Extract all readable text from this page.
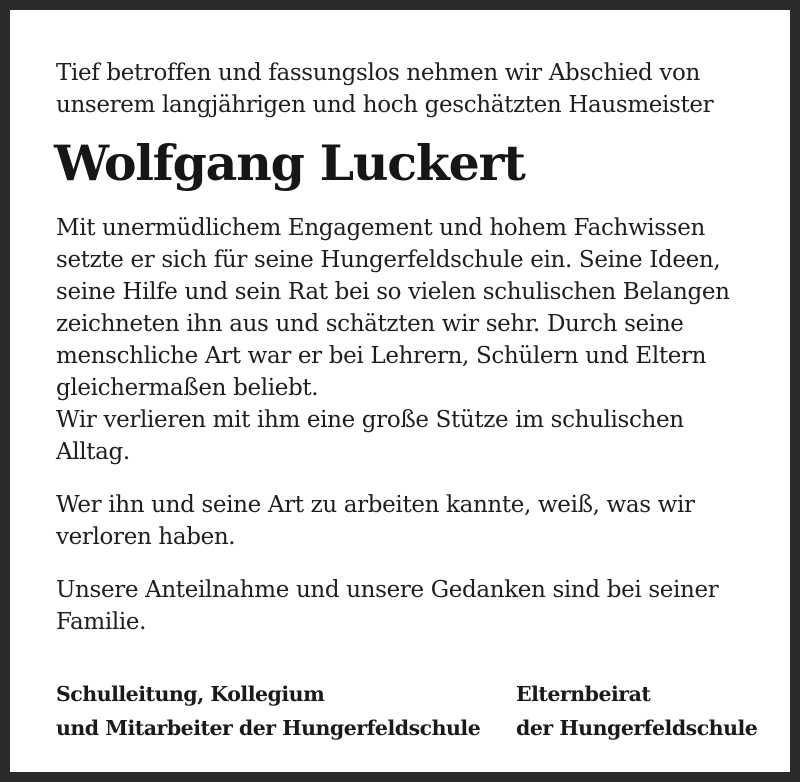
Tief betroffen und fassungslos nehmen wir Abschied von
unserem langjährigen und hoch geschätzten Hausmeister

Wolfgang Luckert

Mit unermüdlichem Engagement und hohem Fachwissen
setzte er sich für seine Hungerfeldschule ein. Seine Ideen,
seine Hilfe und sein Rat bei so vielen schulischen Belangen
zeichneten ihn aus und schätzten wir sehr. Durch seine
menschliche Art war er bei Lehrern, Schülern und Eltern
gleichermaßen beliebt.
Wir verlieren mit ihm eine große Stütze im schulischen
Alltag.

Wer ihn und seine Art zu arbeiten kannte, weiß, was wir
verloren haben.

Unsere Anteilnahme und unsere Gedanken sind bei seiner
Familie.

Schulleitung, Kollegium
und Mitarbeiter der Hungerfeldschule
Elternbeirat
der Hungerfeldschule
